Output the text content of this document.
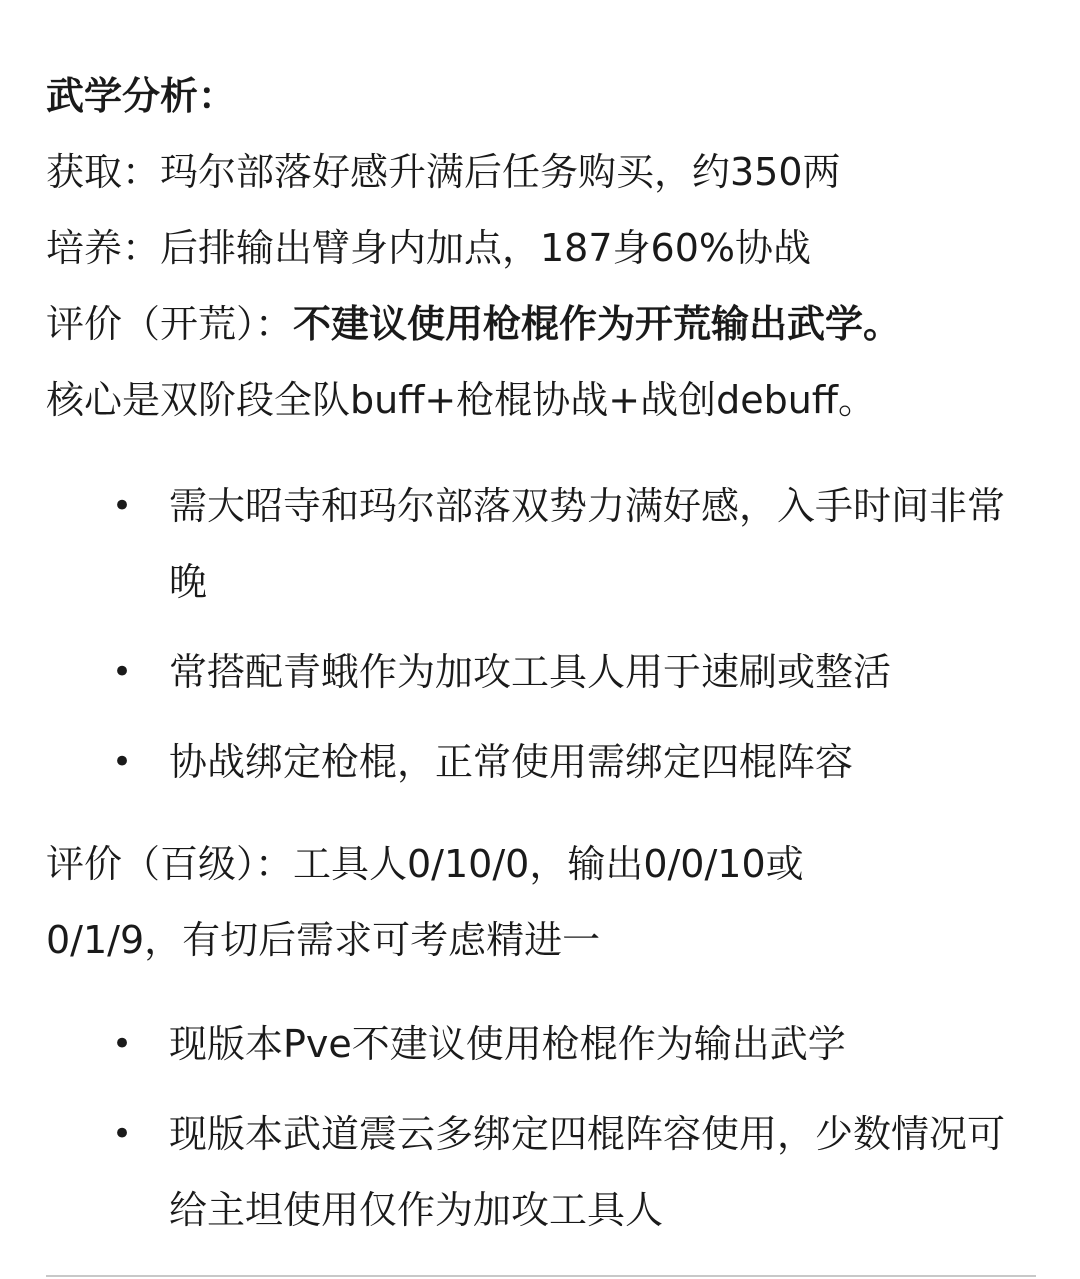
武学分析：
获取：玛尔部落好感升满后任务购买，约350两
培养：后排输出臂身内加点，187身60%协战
评价（开荒）：不建议使用枪棍作为开荒输出武学。
核心是双阶段全队buff+枪棍协战+战创debuff。
• 需大昭寺和玛尔部落双势力满好感，入手时间非常晚
• 常搭配青蛾作为加攻工具人用于速刷或整活
• 协战绑定枪棍，正常使用需绑定四棍阵容
评价（百级）：工具人0/10/0，输出0/0/10或
0/1/9，有切后需求可考虑精进一
• 现版本Pve不建议使用枪棍作为输出武学
• 现版本武道震云多绑定四棍阵容使用，少数情况可给主坦使用仅作为加攻工具人
